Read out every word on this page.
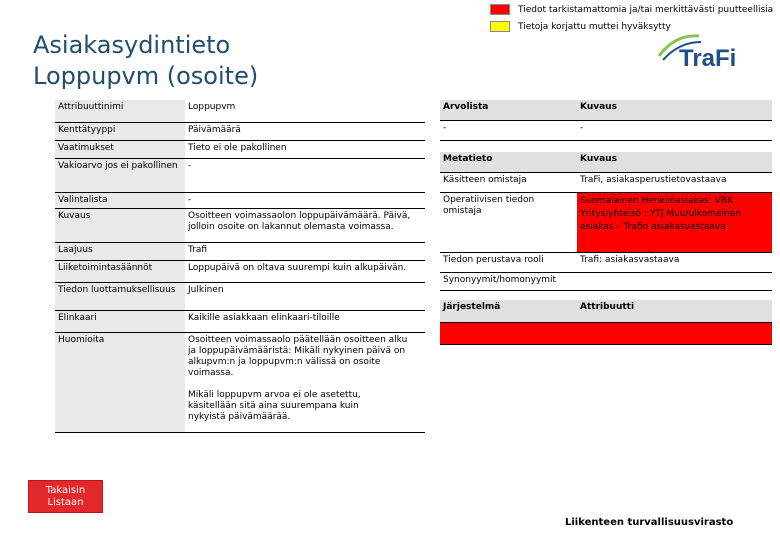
Tiedot tarkistamattomia ja/tai merkittävästi puutteellisia
Tietoja korjattu muttei hyväksytty
Asiakasydintieto
Loppupvm (osoite)
TraFi
Attribuuttinimi	Loppupvm
Kenttätyyppi	Päivämäärä
Vaatimukset	Tieto ei ole pakollinen
Vakioarvo jos ei pakollinen	-
Valintalista	-
Kuvaus	Osoitteen voimassaolon loppupäivämäärä. Päivä, jolloin osoite on lakannut olemasta voimassa.
Laajuus	Trafi
Liiketoimintasäännöt	Loppupäivä on oltava suurempi kuin alkupäivän.
Tiedon luottamuksellisuus	Julkinen
Elinkaari	Kaikille asiakkaan elinkaari-tiloille
Huomioita	Osoitteen voimassaolo päätellään osoitteen alku ja loppupäivämääristä: Mikäli nykyinen päivä on alkupvm:n ja loppupvm:n välissä on osoite voimassa.
Mikäli loppupvm arvoa ei ole asetettu, käsitellään sitä aina suurempana kuin nykyistä päivämäärää.
Arvolista	Kuvaus
-	-
Metatieto	Kuvaus
Käsitteen omistaja	TraFi, asiakasperustietovastaava
Operatiivisen tiedon omistaja	Suomalainen Henkilöasiakas: VRK Yritys/yhteisö : YTJ Muu/ulkomainen asiakas – Trafin asiakasvastaava
Tiedon perustava rooli	Trafi: asiakasvastaava
Synonyymit/homonyymit	
Järjestelmä	Attribuutti

Takaisin
Listaan
Liikenteen turvallisuusvirasto
